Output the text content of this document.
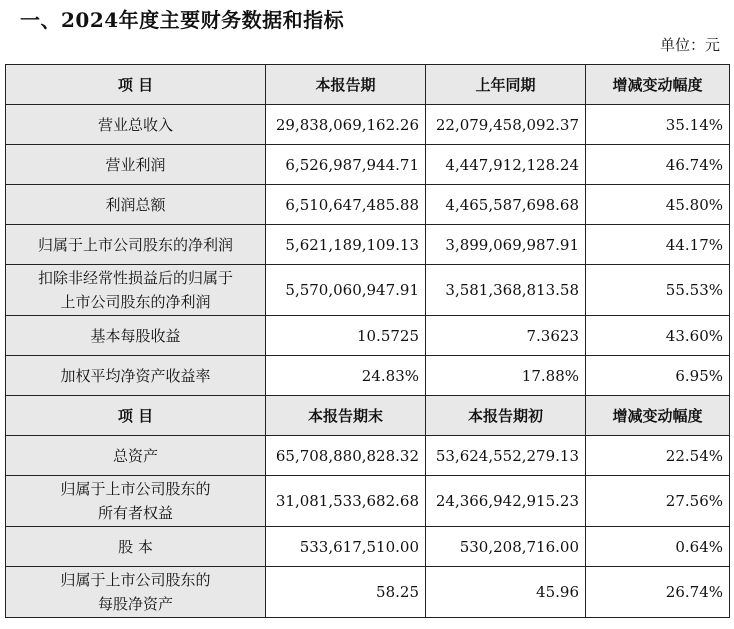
一、2024年度主要财务数据和指标
单位：元
项 目	本报告期	上年同期	增减变动幅度
营业总收入	29,838,069,162.26	22,079,458,092.37	35.14%
营业利润	6,526,987,944.71	4,447,912,128.24	46.74%
利润总额	6,510,647,485.88	4,465,587,698.68	45.80%
归属于上市公司股东的净利润	5,621,189,109.13	3,899,069,987.91	44.17%

扣除非经常性损益后的归属于
上市公司股东的净利润	5,570,060,947.91	3,581,368,813.58	55.53%
基本每股收益	10.5725	7.3623	43.60%
加权平均净资产收益率	24.83%	17.88%	6.95%
项 目	本报告期末	本报告期初	增减变动幅度
总资产	65,708,880,828.32	53,624,552,279.13	22.54%

归属于上市公司股东的
所有者权益	31,081,533,682.68	24,366,942,915.23	27.56%
股 本	533,617,510.00	530,208,716.00	0.64%

归属于上市公司股东的
每股净资产	58.25	45.96	26.74%
